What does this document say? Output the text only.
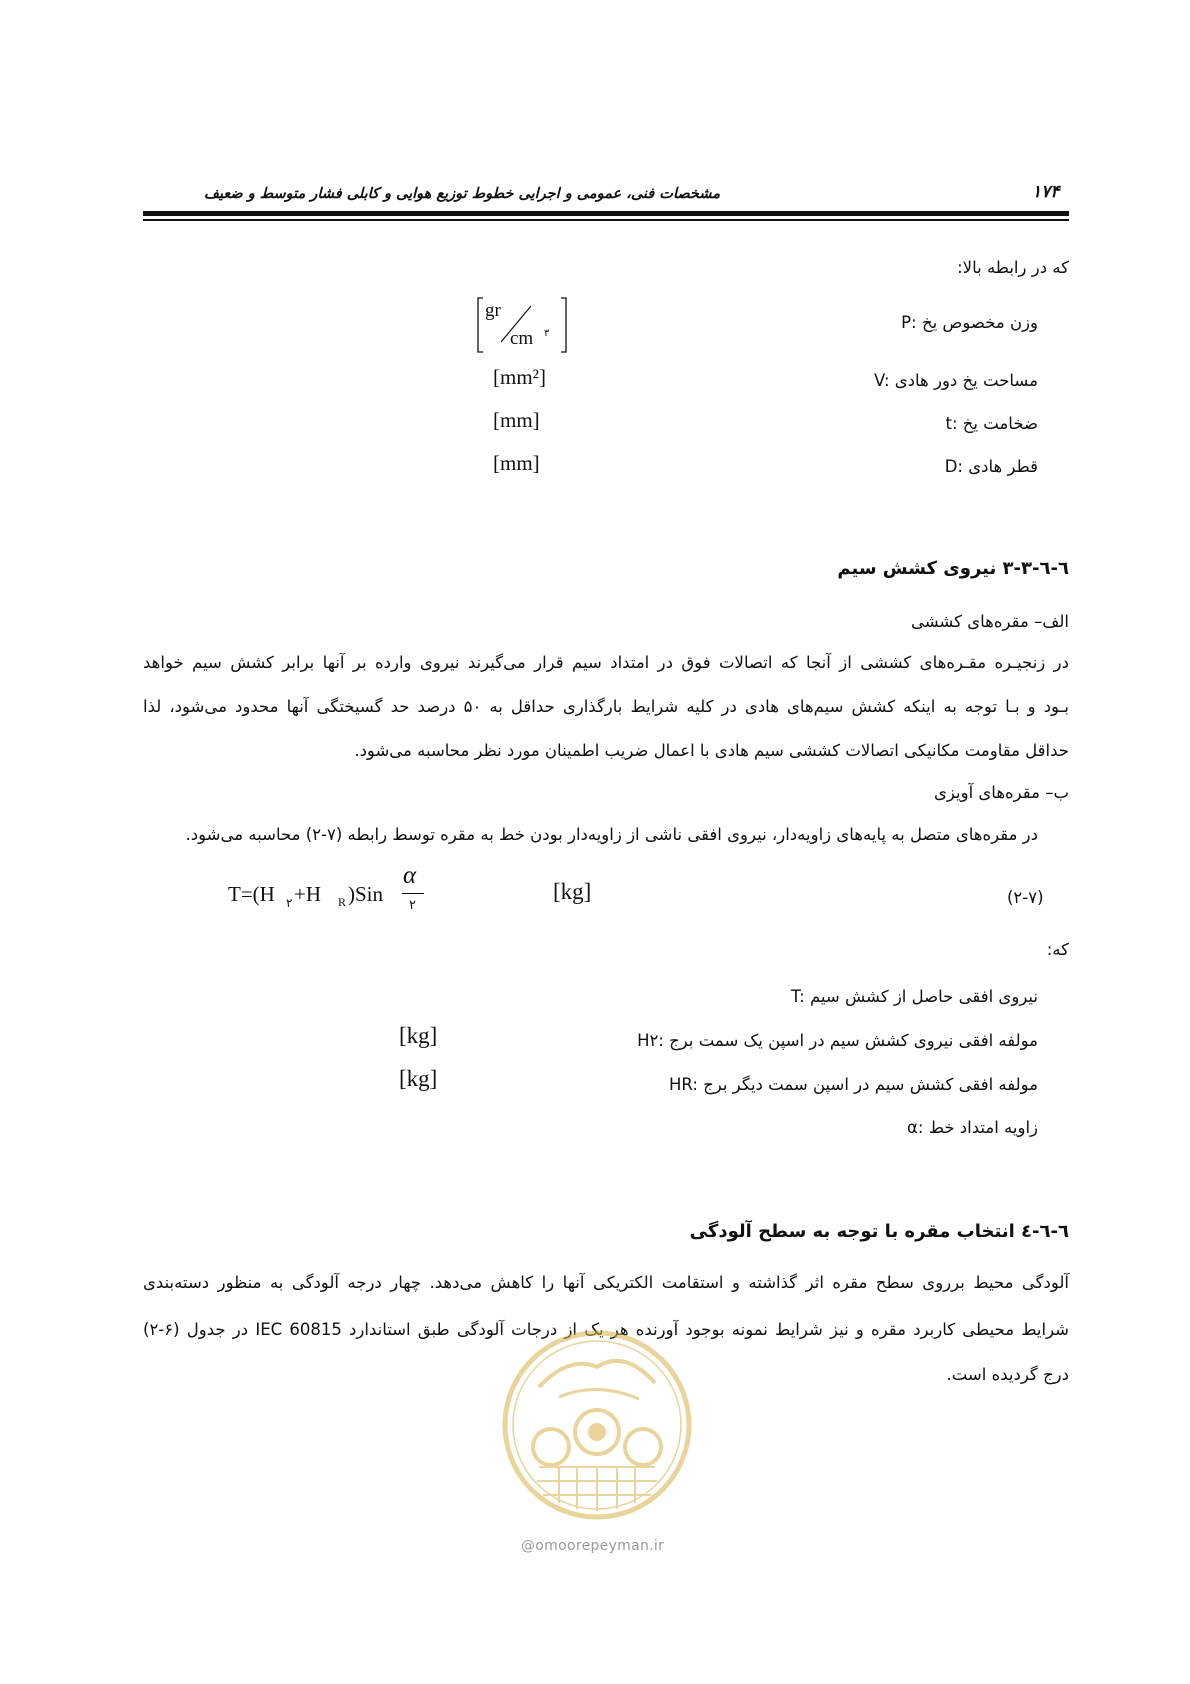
مشخصات فنی، عمومی و اجرایی خطوط توزیع هوایی و کابلی فشار متوسط و ضعیف	۱۷۴
که در رابطه بالا:
P: وزن مخصوص یخ
gr
cm ۳
V: مساحت یخ دور هادی
[mm²]
t: ضخامت یخ
[mm]
D: قطر هادی
[mm]
٦-٦-٣-٣ نیروی کشش سیم
الف– مقره‌های کششی
در زنجیـره مقـره‌های کششی از آنجا که اتصالات فوق در امتداد سیم قرار می‌گیرند نیروی وارده بر آنها برابر کشش سیم خواهد
بـود و بـا توجه به اینکه کشش سیم‌های هادی در کلیه شرایط بارگذاری حداقل به ۵۰ درصد حد گسیختگی آنها محدود می‌شود، لذا
حداقل مقاومت مکانیکی اتصالات کششی سیم هادی با اعمال ضریب اطمینان مورد نظر محاسبه می‌شود.
ب– مقره‌های آویزی
در مقره‌های متصل به پایه‌های زاویه‌دار، نیروی افقی ناشی از زاویه‌دار بودن خط به مقره توسط رابطه (۷-۲) محاسبه می‌شود.
T=(H ۲ +H R )Sin
α
۲
[kg]	(۲-۷)
که:
T: نیروی افقی حاصل از کشش سیم
H۲: مولفه افقی نیروی کشش سیم در اسپن یک سمت برج
[kg]
HR: مولفه افقی کشش سیم در اسپن سمت دیگر برج
[kg]
α: زاویه امتداد خط
٦-٦-٤ انتخاب مقره با توجه به سطح آلودگی
آلودگی محیط برروی سطح مقره اثر گذاشته و استقامت الکتریکی آنها را کاهش می‌دهد. چهار درجه آلودگی به منظور دسته‌بندی
شرایط محیطی کاربرد مقره و نیز شرایط نمونه بوجود آورنده هر یک از درجات آلودگی طبق استاندارد IEC 60815 در جدول (۶-۲)
درج گردیده است.
@omoorepeyman.ir
